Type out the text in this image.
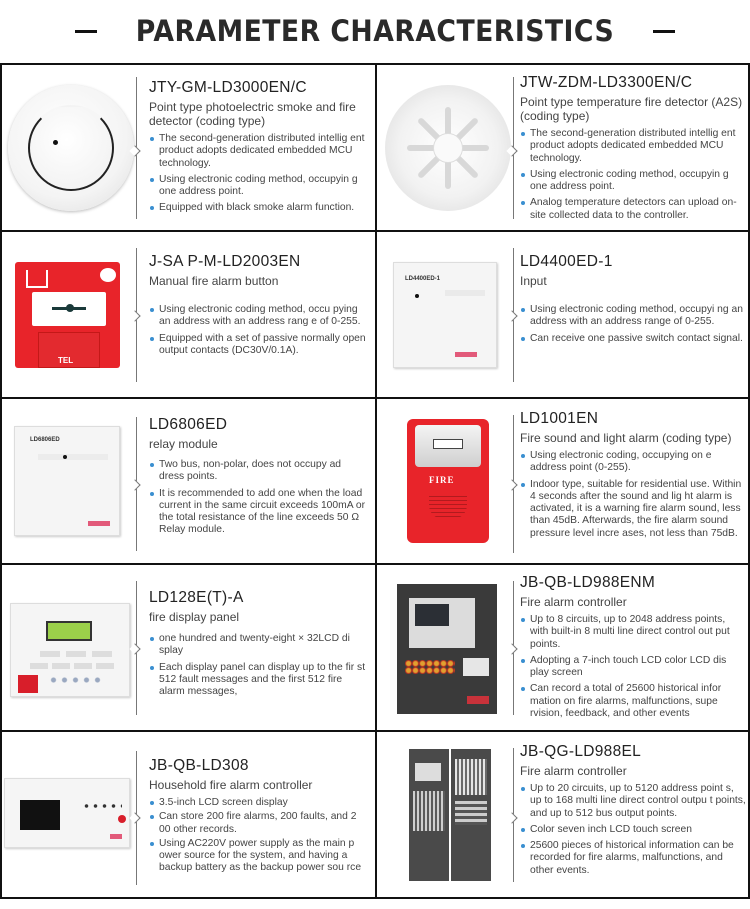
PARAMETER CHARACTERISTICS
JTY-GM-LD3000EN/C
Point type photoelectric smoke and fire detector (coding type)
The second-generation distributed intellig ent product adopts dedicated embedded MCU technology.
Using electronic coding method, occupyin g one address point.
Equipped with black smoke alarm function.
JTW-ZDM-LD3300EN/C
Point type temperature fire detector (A2S) (coding type)
The second-generation distributed intellig ent product adopts dedicated embedded MCU technology.
Using electronic coding method, occupyin g one address point.
Analog temperature detectors can upload on-site collected data to the controller.
TEL
J-SA P-M-LD2003EN
Manual fire alarm button
Using electronic coding method, occu pying an address with an address rang e of 0-255.
Equipped with a set of passive normally open output contacts (DC30V/0.1A).
LD4400ED-1
LD4400ED-1
Input
Using electronic coding method, occupyi ng an address with an address range of 0-255.
Can receive one passive switch contact signal.
LD6806ED
LD6806ED
relay module
Two bus, non-polar, does not occupy ad dress points.
It is recommended to add one when the load current in the same circuit exceeds 100mA or the total resistance of the line exceeds 50 Ω Relay module.
FIRE
LD1001EN
Fire sound and light alarm (coding type)
Using electronic coding, occupying on e address point (0-255).
Indoor type, suitable for residential use. Within 4 seconds after the sound and lig ht alarm is activated, it is a warning fire alarm sound, less than 45dB. Afterwards, the fire alarm sound pressure level incre ases, not less than 75dB.
LD128E(T)-A
fire display panel
one hundred and twenty-eight × 32LCD di splay
Each display panel can display up to the fir st 512 fault messages and the first 512 fire alarm messages,
JB-QB-LD988ENM
Fire alarm controller
Up to 8 circuits, up to 2048 address points, with built-in 8 multi line direct control out put points.
Adopting a 7-inch touch LCD color LCD dis play screen
Can record a total of 25600 historical infor mation on fire alarms, malfunctions, supe rvision, feedback, and other events
JB-QB-LD308
Household fire alarm controller
3.5-inch LCD screen display
Can store 200 fire alarms, 200 faults, and 2 00 other records.
Using AC220V power supply as the main p ower source for the system, and having a backup battery as the backup power sou rce
JB-QG-LD988EL
Fire alarm controller
Up to 20 circuits, up to 5120 address point s, up to 168 multi line direct control outpu t points, and up to 512 bus output points.
Color seven inch LCD touch screen
25600 pieces of historical information can be recorded for fire alarms, malfunctions, and other events.
